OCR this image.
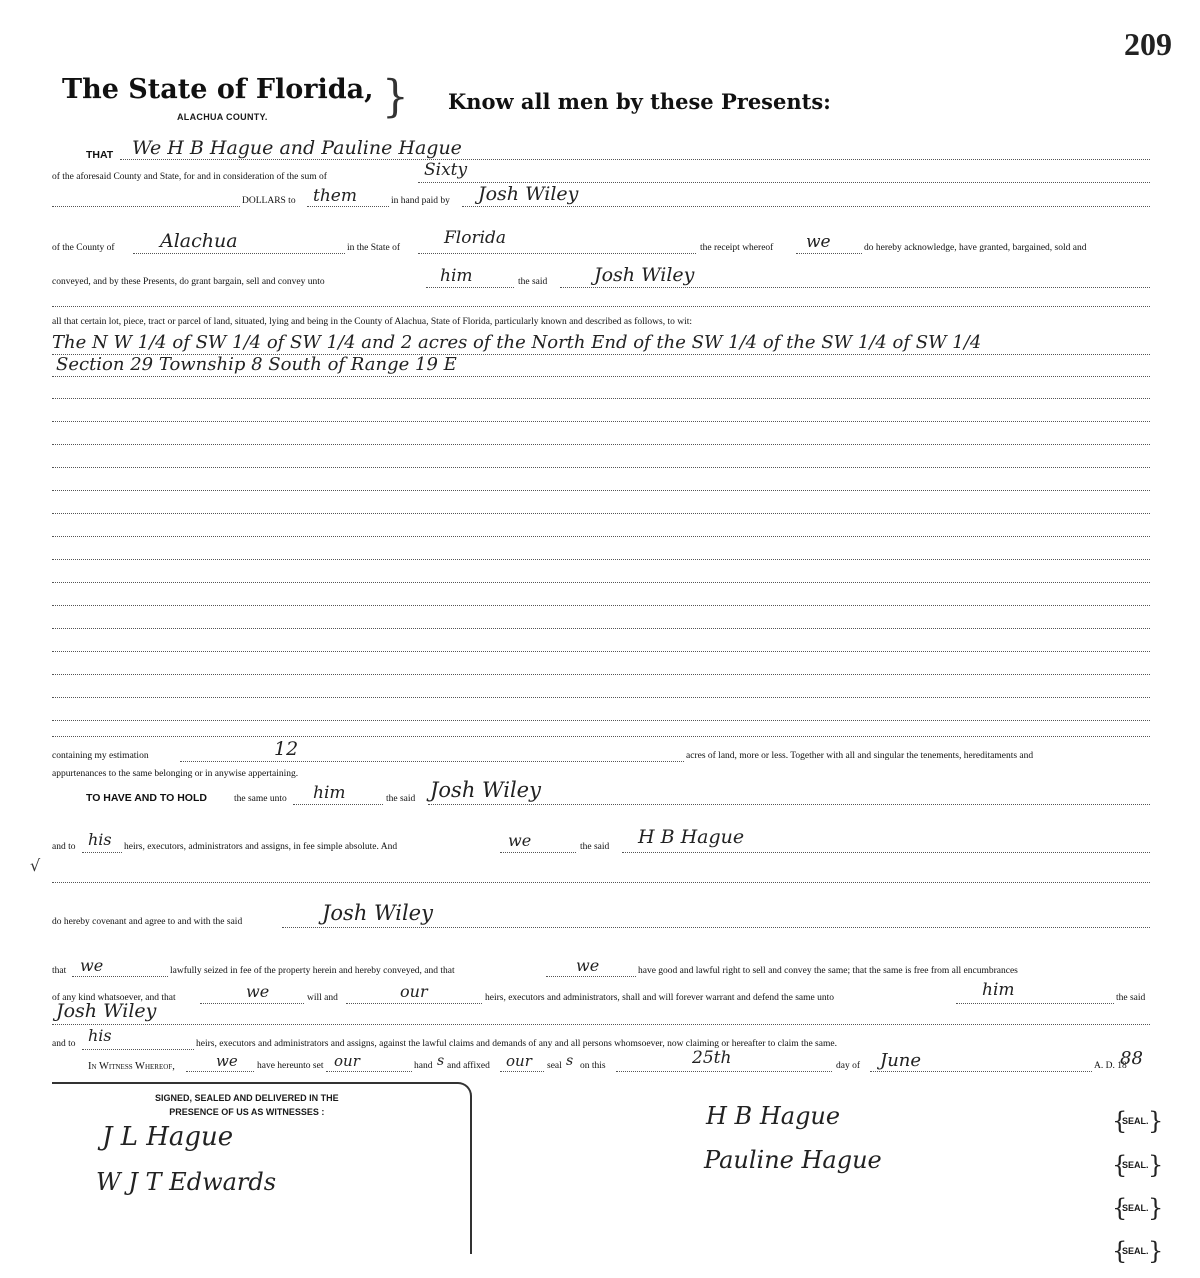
209
The State of Florida, }
ALACHUA COUNTY.
Know all men by these Presents:
THAT We H B Hague and Pauline Hague
of the aforesaid County and State, for and in consideration of the sum of	Sixty
DOLLARS to them	in hand paid by Josh Wiley
of the County of Alachua	in the State of	Florida	the receipt whereof we	do hereby acknowledge, have granted, bargained, sold and
conveyed, and by these Presents, do grant bargain, sell and convey unto	him	the said Josh Wiley
all that certain lot, piece, tract or parcel of land, situated, lying and being in the County of Alachua, State of Florida, particularly known and described as follows, to wit:
The N W 1/4 of SW 1/4 of SW 1/4 and 2 acres of the North End of the SW 1/4 of the SW 1/4 of SW 1/4
Section 29 Township 8 South of Range 19 E
containing my estimation	12	acres of land, more or less. Together with all and singular the tenements, hereditaments and
appurtenances to the same belonging or in anywise appertaining.
TO HAVE AND TO HOLD	the same unto him	the said Josh Wiley
and to his heirs, executors, administrators and assigns, in fee simple absolute. And	we	the said H B Hague
√
do hereby covenant and agree to and with the said	Josh Wiley
that we	lawfully seized in fee of the property herein and hereby conveyed, and that	we	have good and lawful right to sell and convey the same; that the same is free from all encumbrances
of any kind whatsoever, and that	we	will and	our	heirs, executors and administrators, shall and will forever warrant and defend the same unto	him	the said
Josh Wiley
and to his	heirs, executors and administrators and assigns, against the lawful claims and demands of any and all persons whomsoever, now claiming or hereafter to claim the same.
In Witness Whereof,	we have hereunto set our	hand s and affixed our seal s on this	25th	day of June	A. D. 18
88
SIGNED, SEALED AND DELIVERED IN THE
PRESENCE OF US AS WITNESSES :
J L Hague
W J T Edwards
H B Hague
Pauline Hague
{
SEAL. }
{
SEAL. }
{
SEAL. }
{
SEAL. }
